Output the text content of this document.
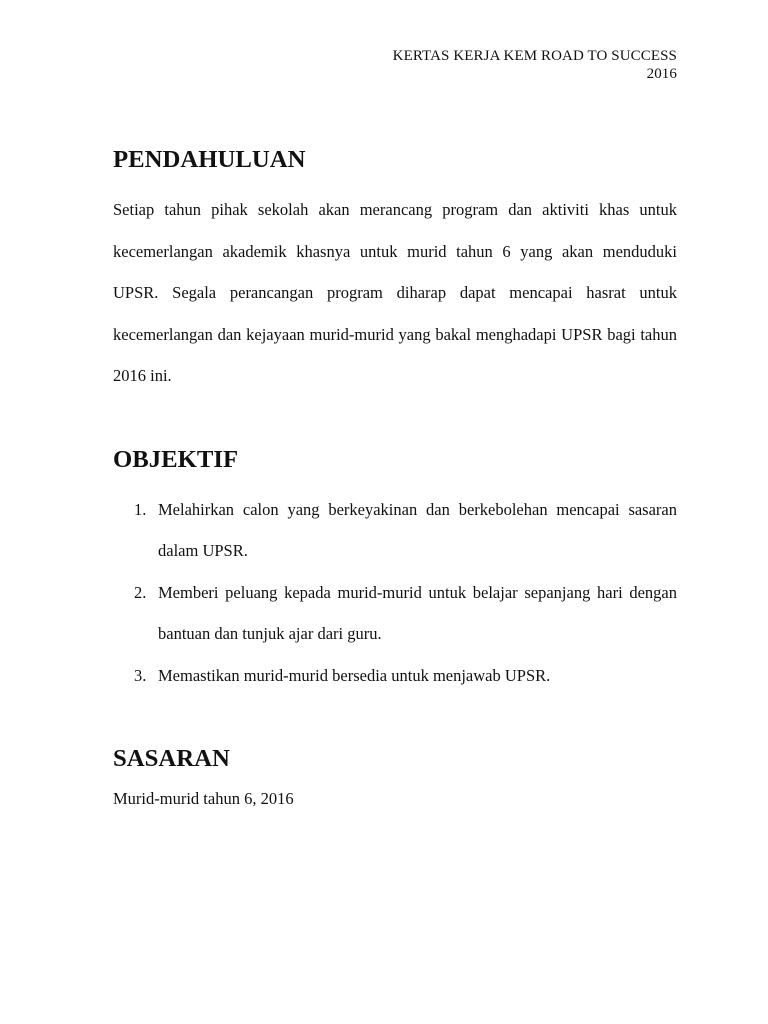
KERTAS KERJA KEM ROAD TO SUCCESS
2016
PENDAHULUAN

Setiap tahun pihak sekolah akan merancang program dan aktiviti khas untuk kecemerlangan akademik khasnya untuk murid tahun 6 yang akan menduduki UPSR. Segala perancangan program diharap dapat mencapai hasrat untuk kecemerlangan dan kejayaan murid-murid yang bakal menghadapi UPSR bagi tahun 2016 ini.

OBJEKTIF
1. Melahirkan calon yang berkeyakinan dan berkebolehan mencapai sasaran dalam UPSR.
2. Memberi peluang kepada murid-murid untuk belajar sepanjang hari dengan bantuan dan tunjuk ajar dari guru.
3. Memastikan murid-murid bersedia untuk menjawab UPSR.
SASARAN

Murid-murid tahun 6, 2016
